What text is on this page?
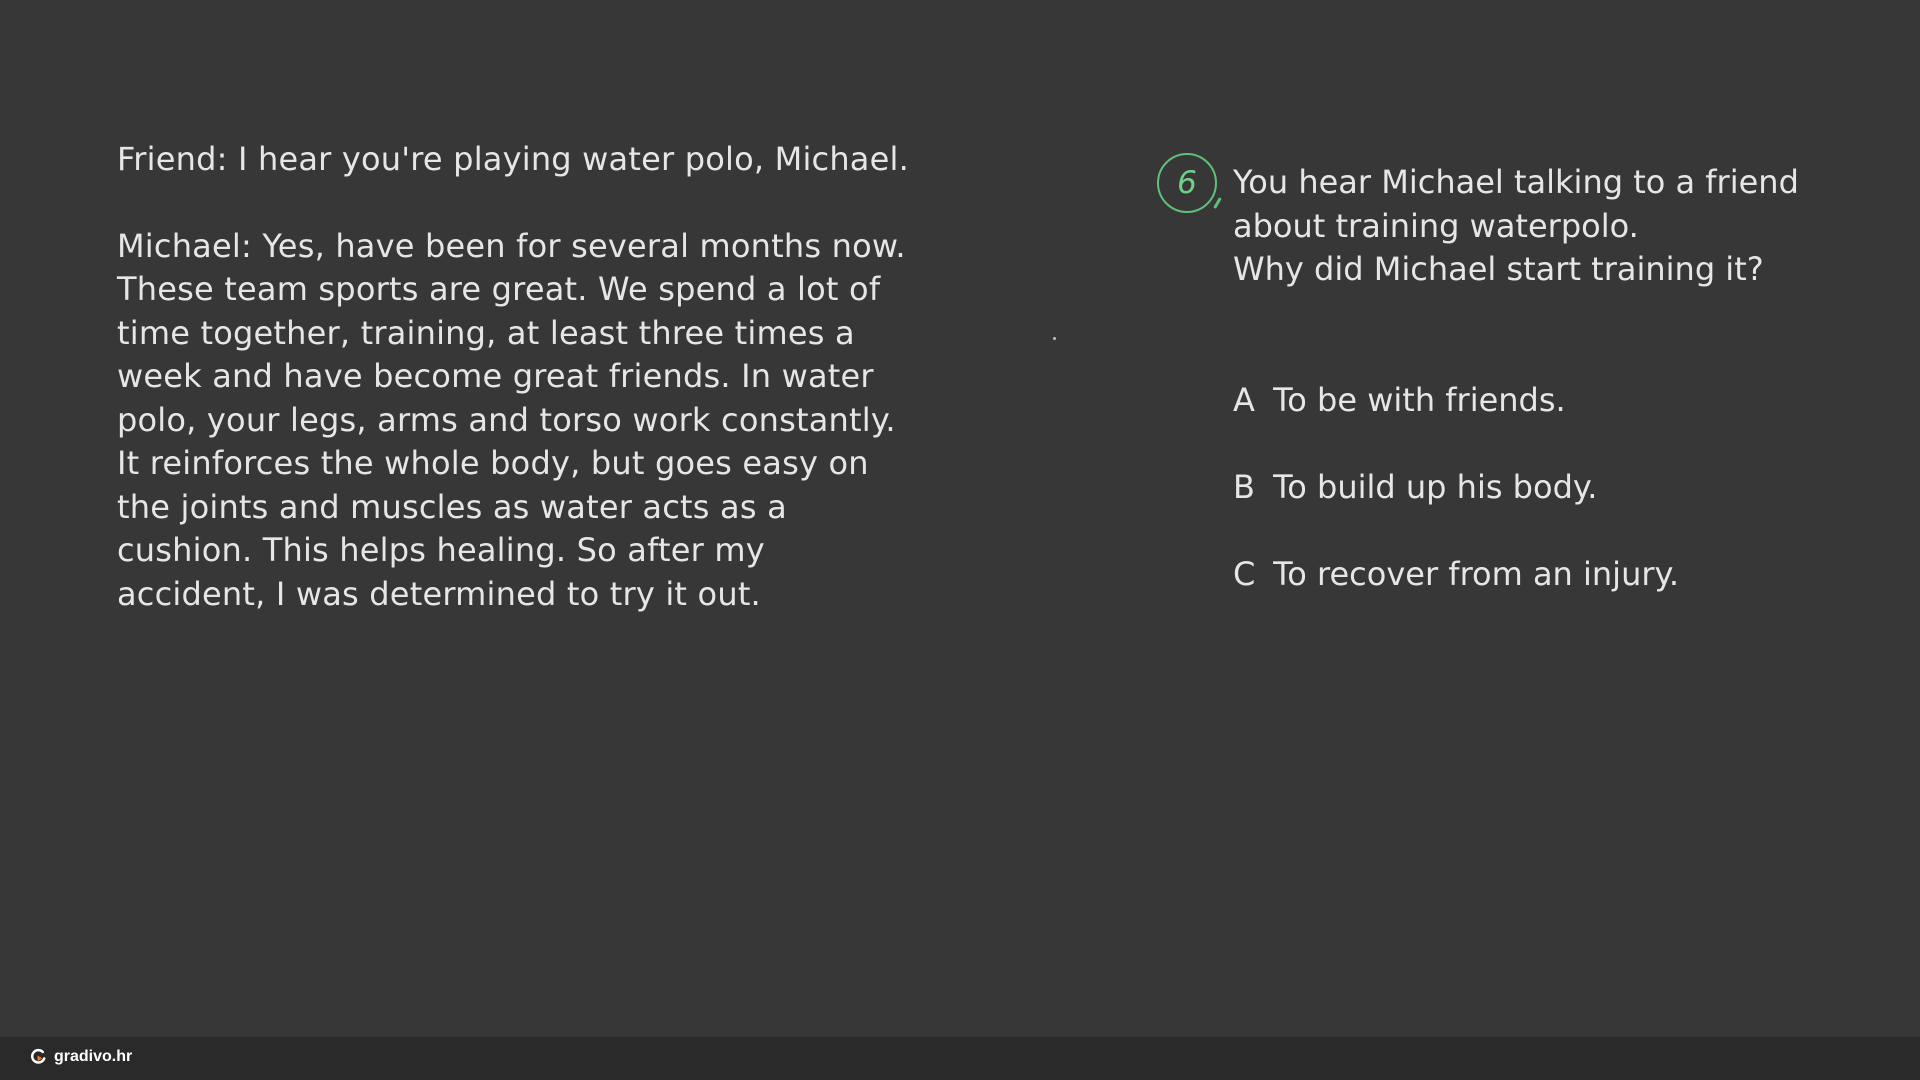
Friend: I hear you're playing water polo, Michael.

Michael: Yes, have been for several months now. These team sports are great. We spend a lot of time together, training, at least three times a week and have become great friends. In water polo, your legs, arms and torso work constantly. It reinforces the whole body, but goes easy on the joints and muscles as water acts as a cushion. This helps healing. So after my accident, I was determined to try it out.

6	You hear Michael talking to a friend about training waterpolo.

Why did Michael start training it?

A To be with friends.
B To build up his body.
C To recover from an injury.
gradivo.hr
